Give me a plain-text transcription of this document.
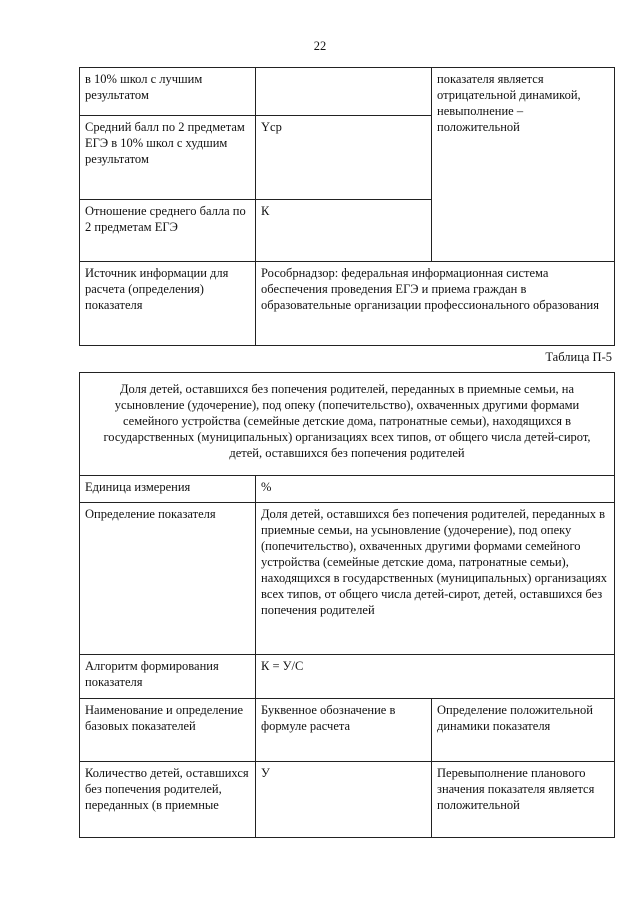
22
в 10% школ с лучшим результатом		показателя является отрицательной динамикой, невыполнение – положительной
Средний балл по 2 предметам ЕГЭ в 10% школ с худшим результатом	Yср	
Отношение среднего балла по 2 предметам ЕГЭ	К	
Источник информации для расчета (определения) показателя	Рособрнадзор: федеральная информационная система обеспечения проведения ЕГЭ и приема граждан в образовательные организации профессионального образования	
Таблица П-5
Доля детей, оставшихся без попечения родителей, переданных в приемные семьи, на усыновление (удочерение), под опеку (попечительство), охваченных другими формами семейного устройства (семейные детские дома, патронатные семьи), находящихся в государственных (муниципальных) организациях всех типов, от общего числа детей-сирот, детей, оставшихся без попечения родителей		
Единица измерения	%	
Определение показателя	Доля детей, оставшихся без попечения родителей, переданных в приемные семьи, на усыновление (удочерение), под опеку (попечительство), охваченных другими формами семейного устройства (семейные детские дома, патронатные семьи), находящихся в государственных (муниципальных) организациях всех типов, от общего числа детей-сирот, детей, оставшихся без попечения родителей	
Алгоритм формирования показателя	К = У/С	
Наименование и определение базовых показателей	Буквенное обозначение в формуле расчета	Определение положительной динамики показателя
Количество детей, оставшихся без попечения родителей, переданных (в приемные	У	Перевыполнение планового значения показателя является положительной
